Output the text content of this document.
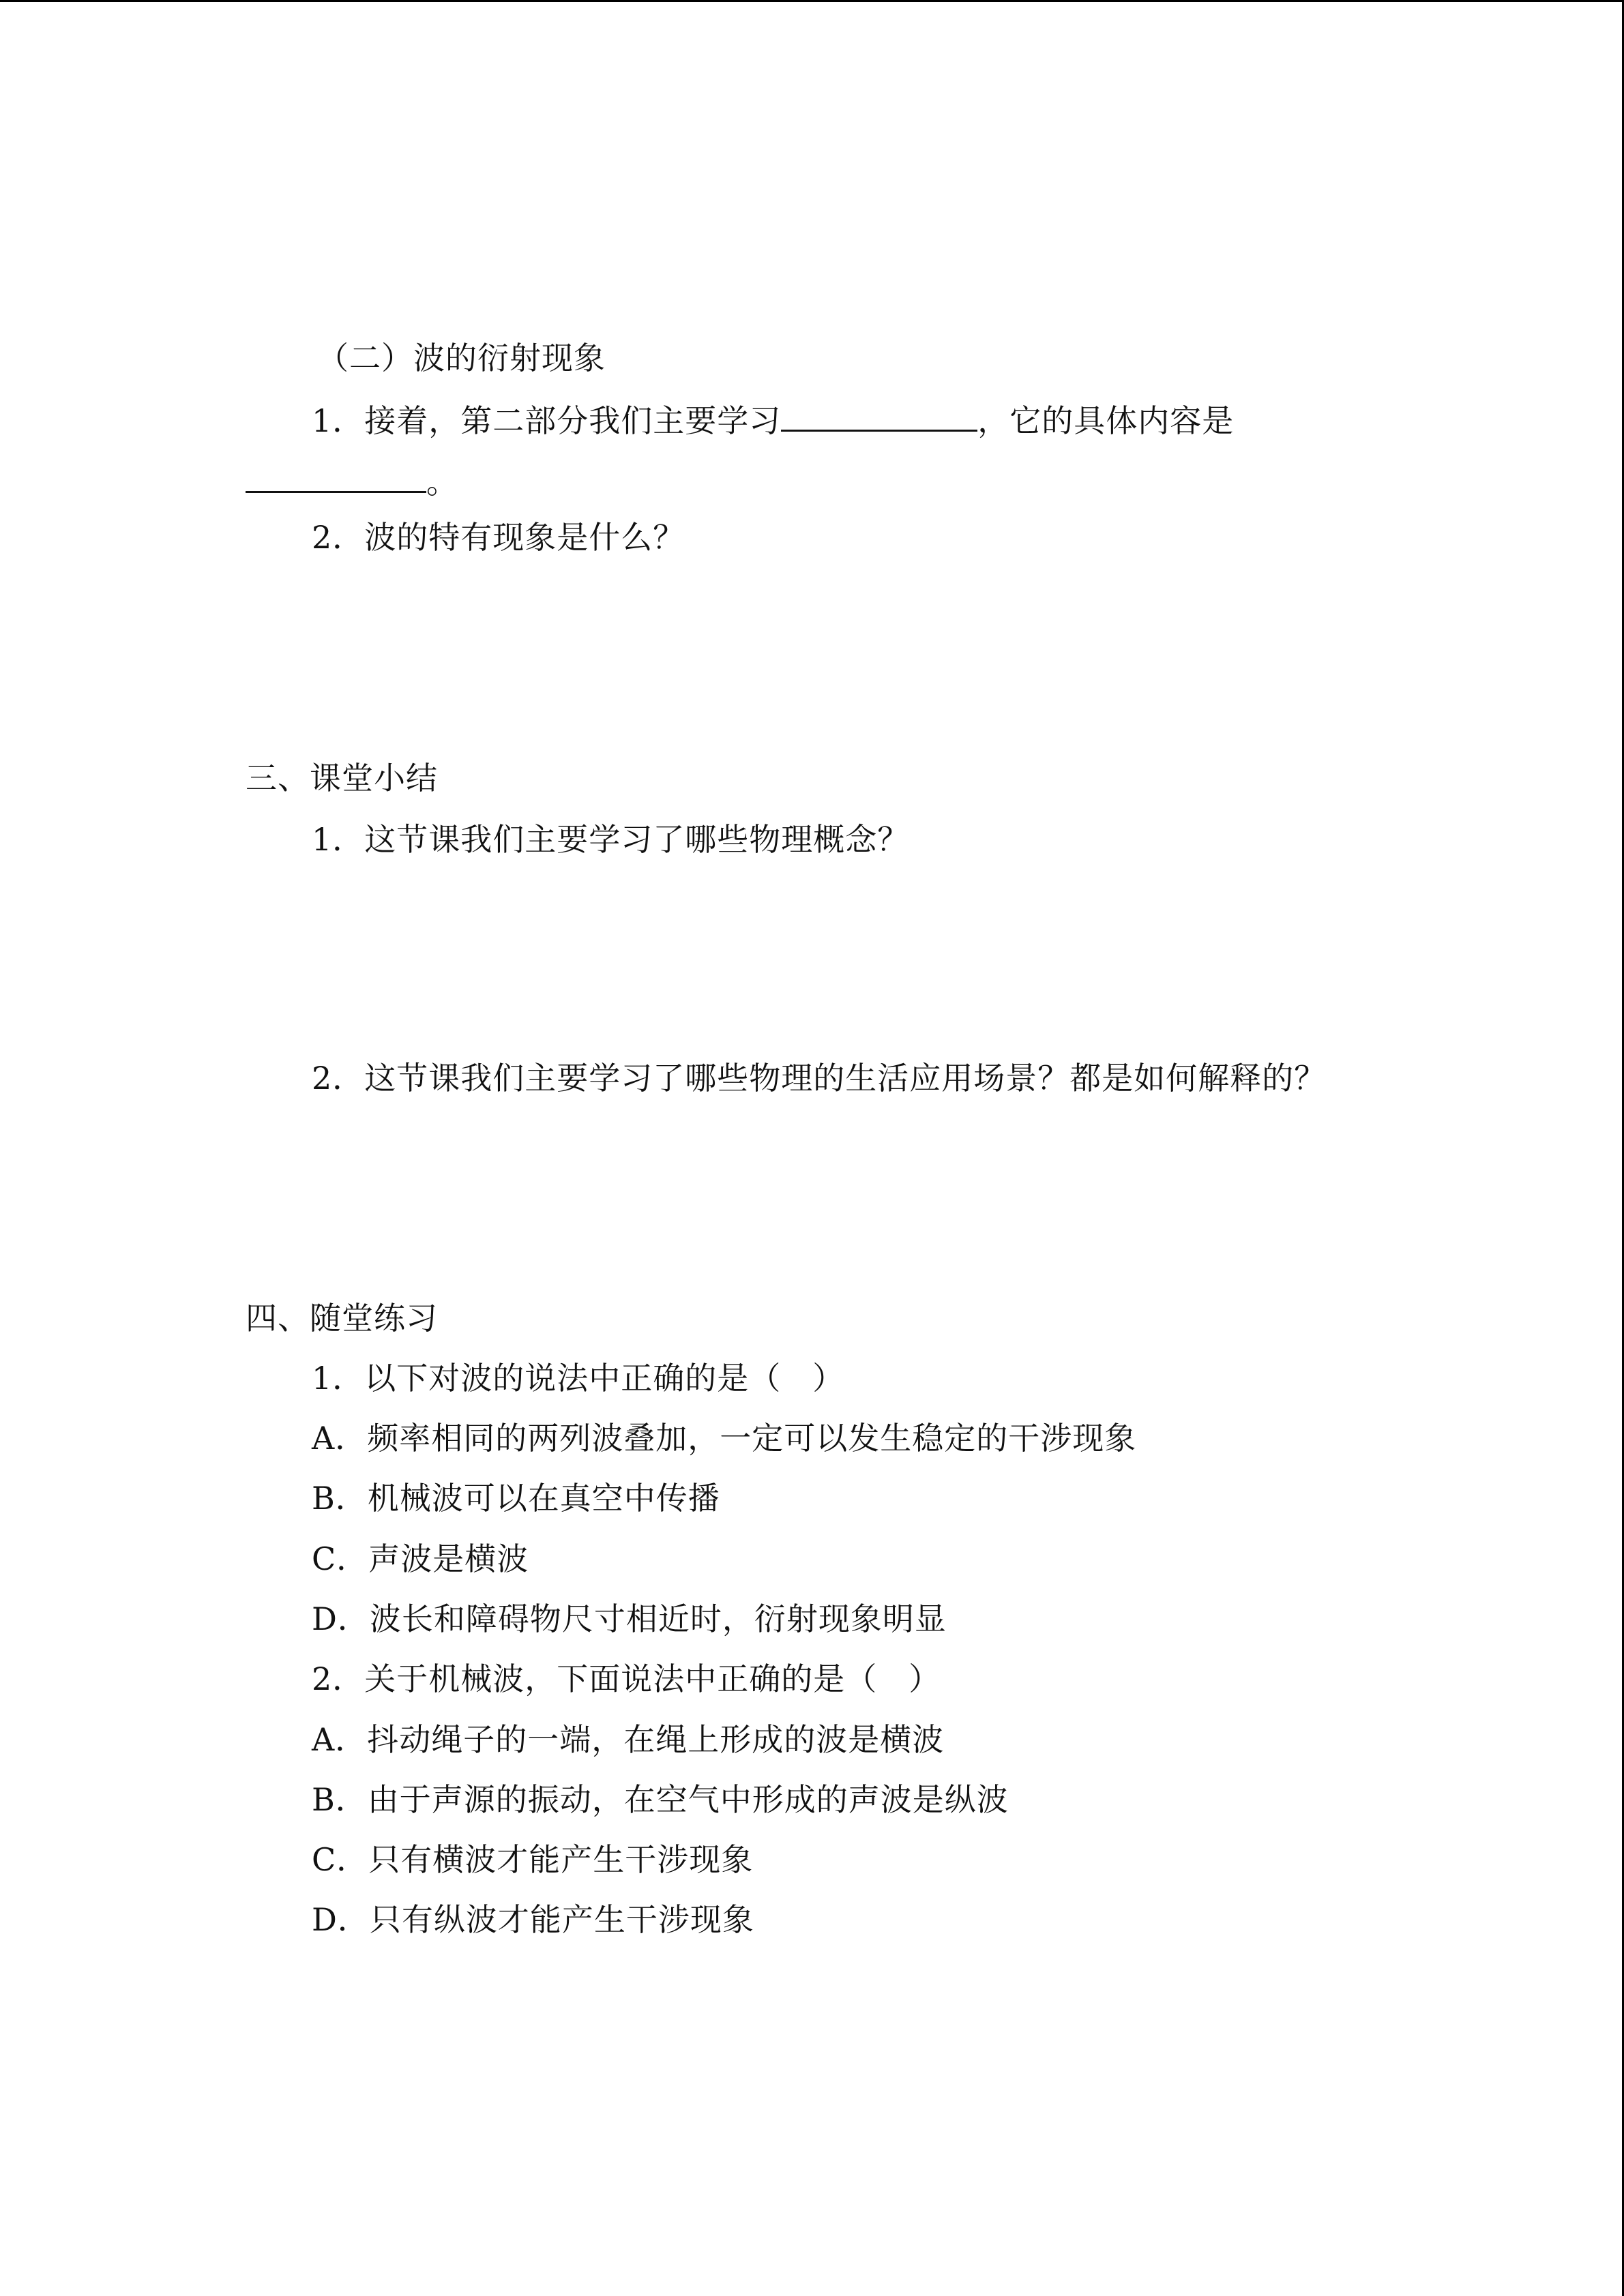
（二）波的衍射现象
1．接着，第二部分我们主要学习	，它的具体内容是
。
2．波的特有现象是什么？
三、课堂小结
1．这节课我们主要学习了哪些物理概念？
2．这节课我们主要学习了哪些物理的生活应用场景？都是如何解释的？
四、随堂练习
1．以下对波的说法中正确的是（ ）
A．频率相同的两列波叠加，一定可以发生稳定的干涉现象
B．机械波可以在真空中传播
C．声波是横波
D．波长和障碍物尺寸相近时，衍射现象明显
2．关于机械波，下面说法中正确的是（ ）
A．抖动绳子的一端，在绳上形成的波是横波
B．由于声源的振动，在空气中形成的声波是纵波
C．只有横波才能产生干涉现象
D．只有纵波才能产生干涉现象
